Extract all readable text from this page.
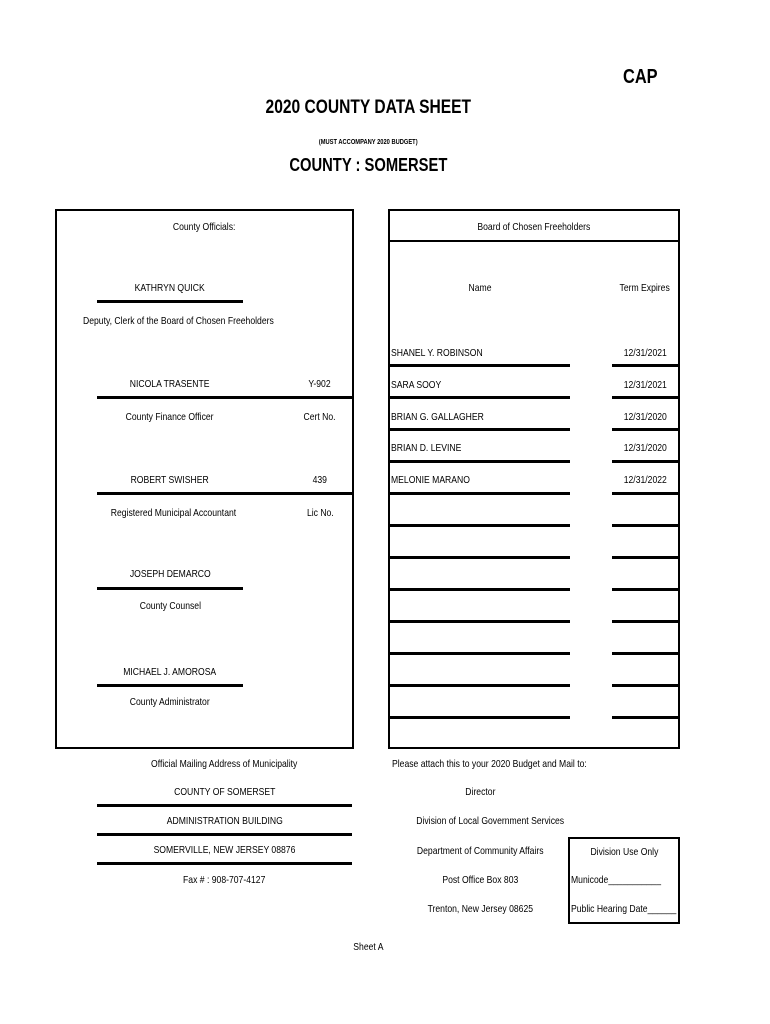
CAP
2020 COUNTY DATA SHEET
(MUST ACCOMPANY 2020 BUDGET)
COUNTY : SOMERSET
County Officials:
KATHRYN QUICK
Deputy, Clerk of the Board of Chosen Freeholders
NICOLA TRASENTE	Y-902
County Finance Officer	Cert No.
ROBERT SWISHER	439
Registered Municipal Accountant	Lic No.
JOSEPH DEMARCO
County Counsel
MICHAEL J. AMOROSA
County Administrator
Board of Chosen Freeholders
Name	Term Expires
SHANEL Y. ROBINSON	12/31/2021
SARA SOOY	12/31/2021
BRIAN G. GALLAGHER	12/31/2020
BRIAN D. LEVINE	12/31/2020
MELONIE MARANO	12/31/2022
Official Mailing Address of Municipality
COUNTY OF SOMERSET
ADMINISTRATION BUILDING
SOMERVILLE, NEW JERSEY 08876
Fax # : 908-707-4127
Please attach this to your 2020 Budget and Mail to:
Director
Division of Local Government Services
Department of Community Affairs
Post Office Box 803
Trenton, New Jersey 08625
Division Use Only
Municode___________
Public Hearing Date______
Sheet A
